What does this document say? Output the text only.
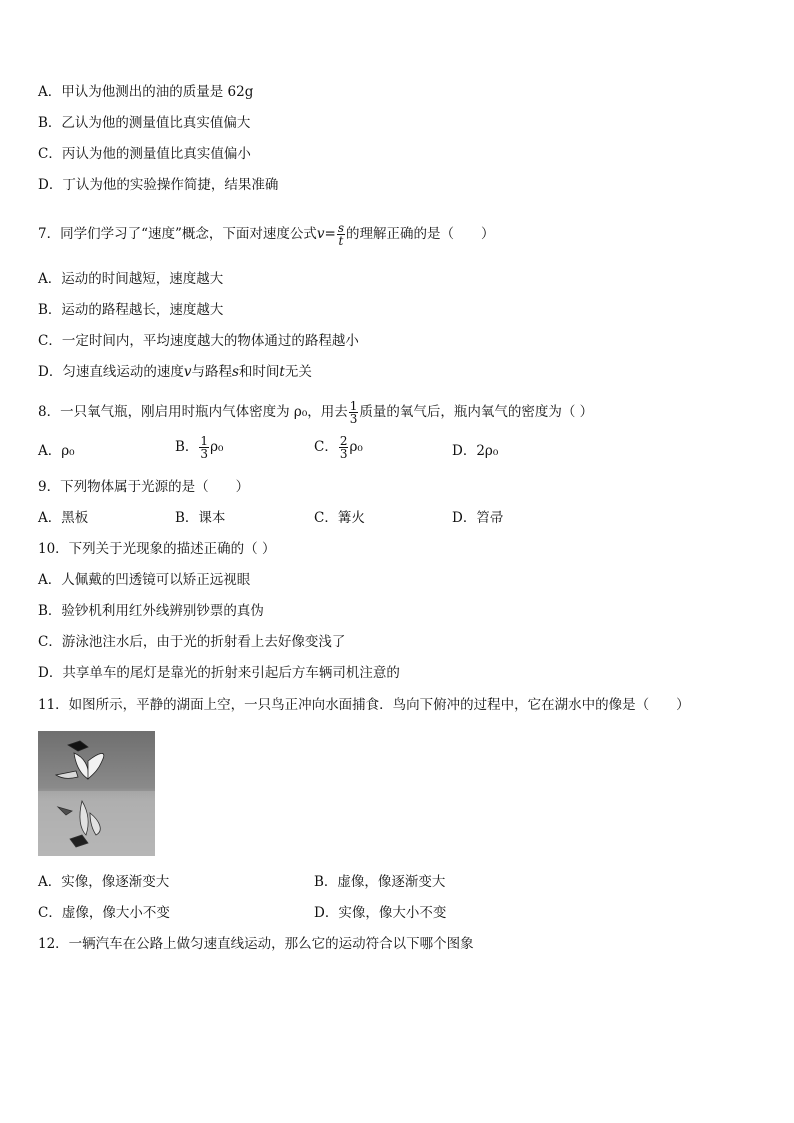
A．甲认为他测出的油的质量是 62g
B．乙认为他的测量值比真实值偏大
C．丙认为他的测量值比真实值偏小
D．丁认为他的实验操作简捷，结果准确
7．同学们学习了“速度”概念，下面对速度公式$v= \frac{s}{t}$ 的理解正确的是（　　）
A．运动的时间越短，速度越大
B．运动的路程越长，速度越大
C．一定时间内，平均速度越大的物体通过的路程越小
D．匀速直线运动的速度v与路程s和时间t无关
8．一只氧气瓶，刚启用时瓶内气体密度为 ρ₀，用去 $\frac{1}{3}$ 质量的氧气后，瓶内氧气的密度为（ ）
A．ρ₀	B． $\frac{1}{3} \rho_0$	C． $\frac{2}{3} \rho_0$	D．2ρ₀
9．下列物体属于光源的是（　　）
A．黑板	B．课本	C．篝火	D．笤帚
10．下列关于光现象的描述正确的（ ）
A．人佩戴的凹透镜可以矫正远视眼
B．验钞机利用红外线辨别钞票的真伪
C．游泳池注水后，由于光的折射看上去好像变浅了
D．共享单车的尾灯是靠光的折射来引起后方车辆司机注意的
11．如图所示，平静的湖面上空，一只鸟正冲向水面捕食．鸟向下俯冲的过程中，它在湖水中的像是（　　）
A．实像，像逐渐变大	B．虚像，像逐渐变大
C．虚像，像大小不变	D．实像，像大小不变
12．一辆汽车在公路上做匀速直线运动，那么它的运动符合以下哪个图象
